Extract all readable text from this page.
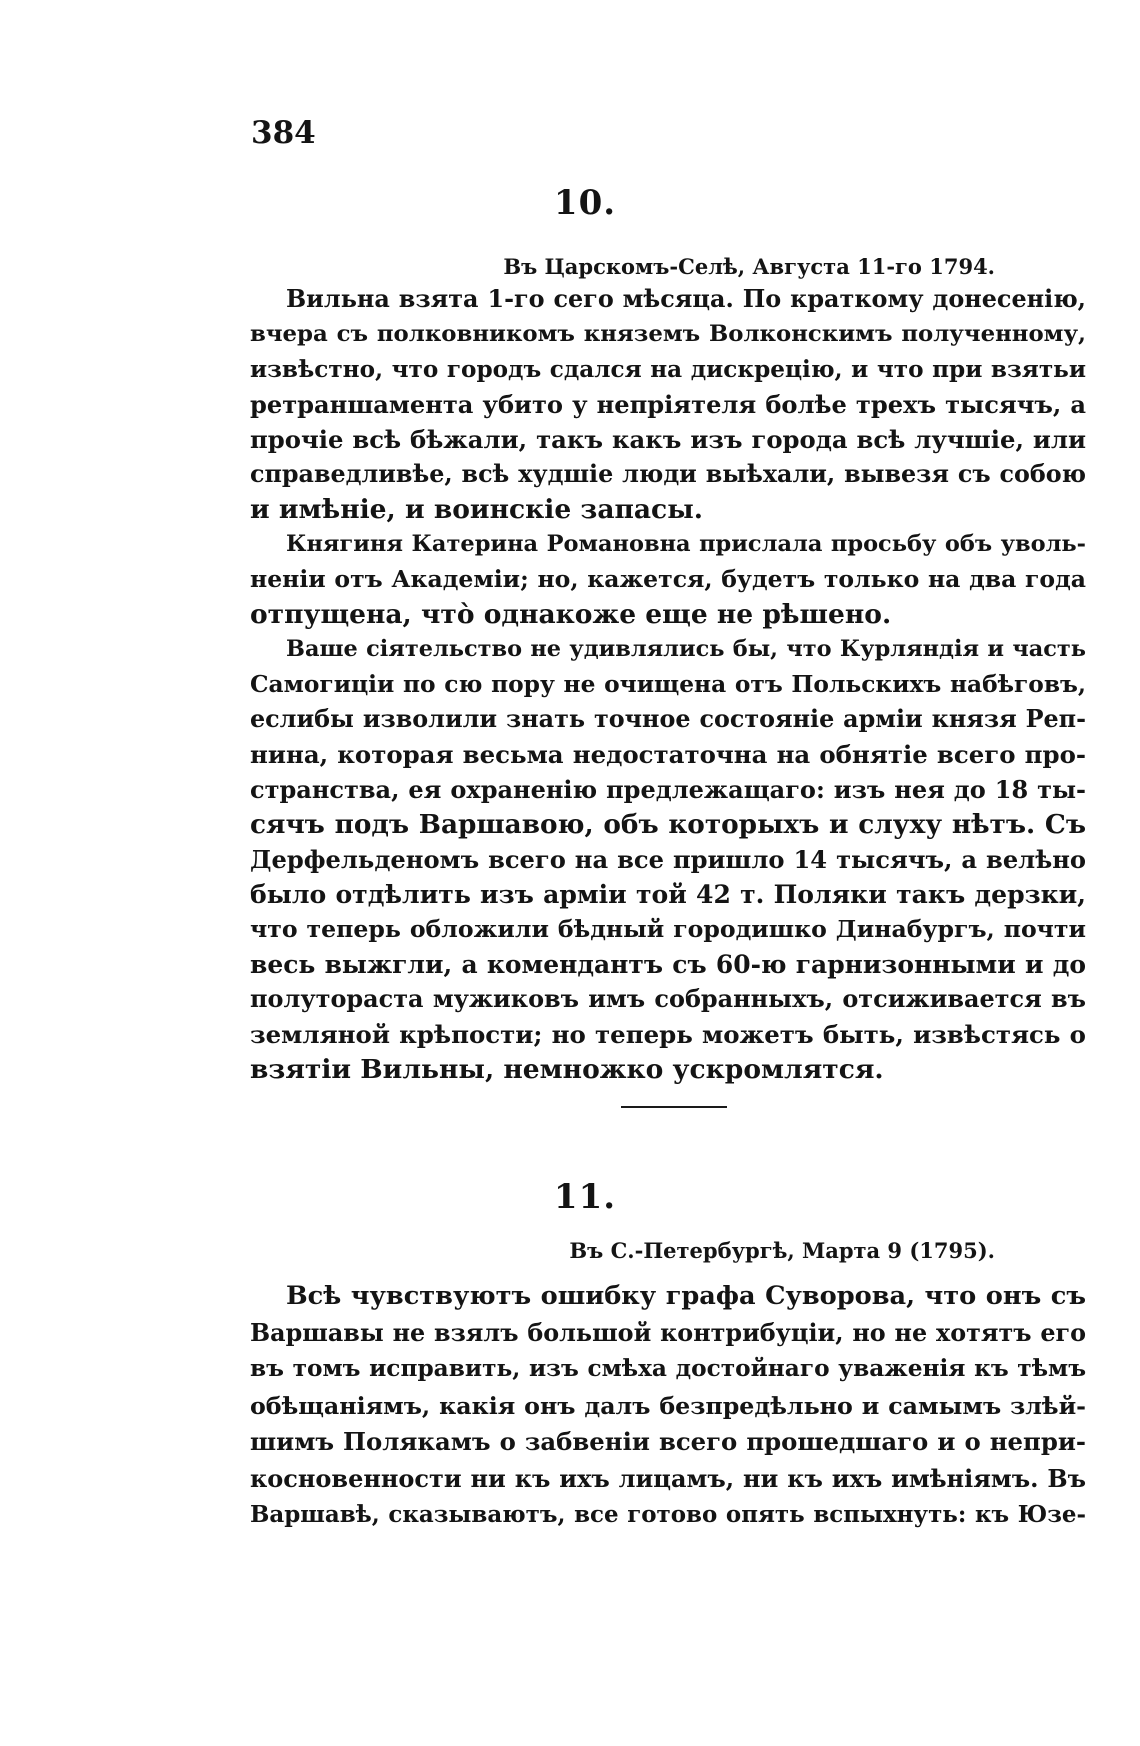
384
10.
Въ Царскомъ-Селѣ, Августа 11-го 1794.
Вильна взята 1-го сего мѣсяца. По краткому донесенію,
вчера съ полковникомъ княземъ Волконскимъ полученному,
извѣстно, что городъ сдался на дискрецію, и что при взятьи
ретраншамента убито у непріятеля болѣе трехъ тысячъ, а
прочіе всѣ бѣжали, такъ какъ изъ города всѣ лучшіе, или
справедливѣе, всѣ худшіе люди выѣхали, вывезя съ собою
и имѣніе, и воинскіе запасы.
Княгиня Катерина Романовна прислала просьбу объ уволь-
неніи отъ Академіи; но, кажется, будетъ только на два года
отпущена, что̀ однакоже еще не рѣшено.
Ваше сіятельство не удивлялись бы, что Курляндія и часть
Самогиціи по сю пору не очищена отъ Польскихъ набѣговъ,
еслибы изволили знать точное состояніе арміи князя Реп-
нина, которая весьма недостаточна на обнятіе всего про-
странства, ея охраненію предлежащаго: изъ нея до 18 ты-
сячъ подъ Варшавою, объ которыхъ и слуху нѣтъ. Съ
Дерфельденомъ всего на все пришло 14 тысячъ, а велѣно
было отдѣлить изъ арміи той 42 т. Поляки такъ дерзки,
что теперь обложили бѣдный городишко Динабургъ, почти
весь выжгли, а комендантъ съ 60-ю гарнизонными и до
полутораста мужиковъ имъ собранныхъ, отсиживается въ
земляной крѣпости; но теперь можетъ быть, извѣстясь о
взятіи Вильны, немножко ускромлятся.
11.
Въ С.-Петербургѣ, Марта 9 (1795).
Всѣ чувствуютъ ошибку графа Суворова, что онъ съ
Варшавы не взялъ большой контрибуціи, но не хотятъ его
въ томъ исправить, изъ смѣха достойнаго уваженія къ тѣмъ
обѣщаніямъ, какія онъ далъ безпредѣльно и самымъ злѣй-
шимъ Полякамъ о забвеніи всего прошедшаго и о непри-
косновенности ни къ ихъ лицамъ, ни къ ихъ имѣніямъ. Въ
Варшавѣ, сказываютъ, все готово опять вспыхнуть: къ Юзе-
